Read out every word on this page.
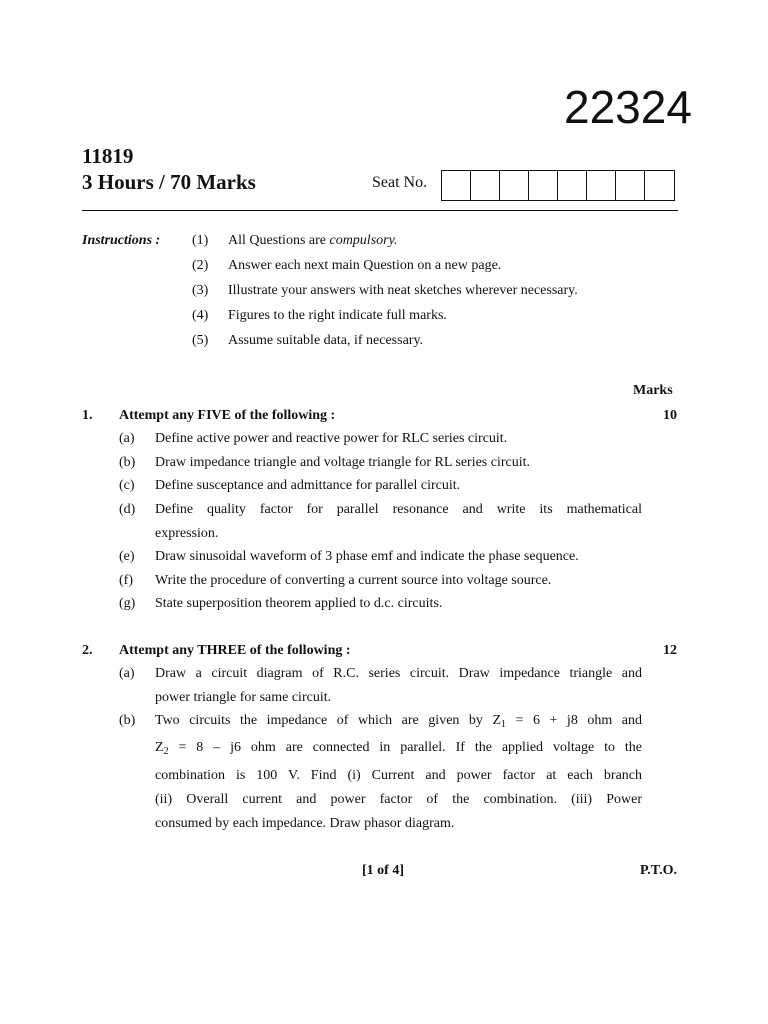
22324
11819
3 Hours / 70 Marks	Seat No.
Instructions : (1) All Questions are compulsory.
(2) Answer each next main Question on a new page.
(3) Illustrate your answers with neat sketches wherever necessary.
(4) Figures to the right indicate full marks.
(5) Assume suitable data, if necessary.
Marks
1. Attempt any FIVE of the following :	10
(a) Define active power and reactive power for RLC series circuit.
(b) Draw impedance triangle and voltage triangle for RL series circuit.
(c) Define susceptance and admittance for parallel circuit.
(d) Define quality factor for parallel resonance and write its mathematical
expression.
(e) Draw sinusoidal waveform of 3 phase emf and indicate the phase sequence.
(f) Write the procedure of converting a current source into voltage source.
(g) State superposition theorem applied to d.c. circuits.
2. Attempt any THREE of the following :	12
(a) Draw a circuit diagram of R.C. series circuit. Draw impedance triangle and
power triangle for same circuit.
(b) Two circuits the impedance of which are given by $Z_1 = 6 + j8$ ohm and
$Z_2 = 8 - j6$ ohm are connected in parallel. If the applied voltage to the
combination is 100 V. Find (i) Current and power factor at each branch
(ii) Overall current and power factor of the combination. (iii) Power
consumed by each impedance. Draw phasor diagram.
[1 of 4]	P.T.O.
